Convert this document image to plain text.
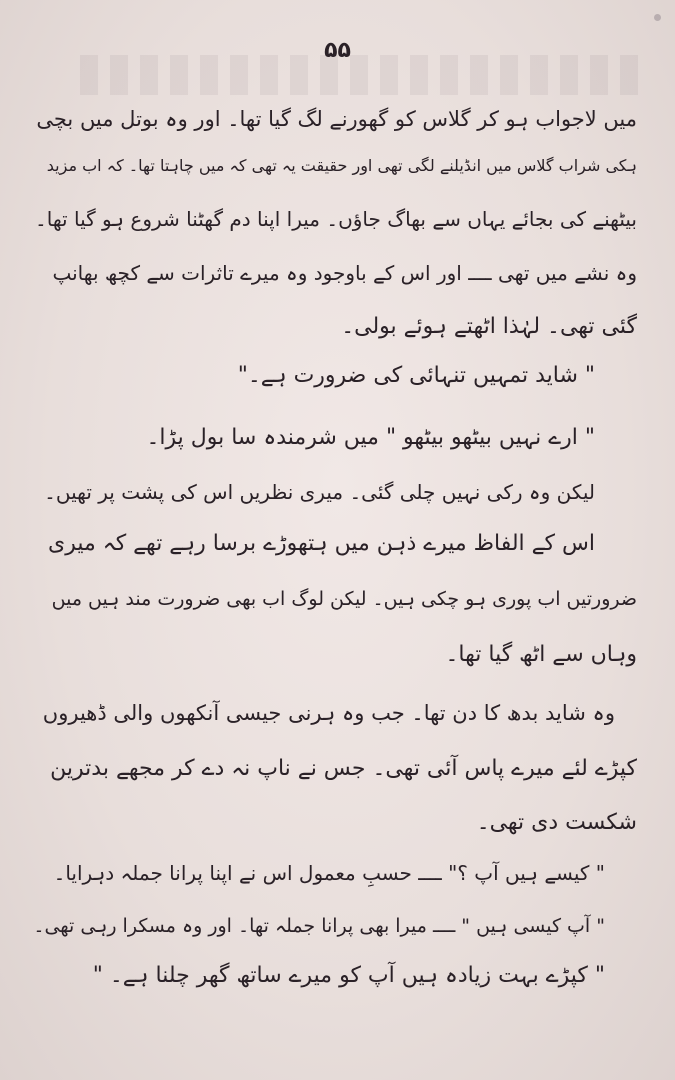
۵۵
میں لاجواب ہو کر گلاس کو گھورنے لگ گیا تھا۔ اور وہ بوتل میں بچی
ہکی شراب گلاس میں انڈیلنے لگی تھی اور حقیقت یہ تھی کہ میں چاہتا تھا۔ کہ اب مزید
بیٹھنے کی بجائے یہاں سے بھاگ جاؤں۔ میرا اپنا دم گھٹنا شروع ہو گیا تھا۔
وہ نشے میں تھی ــــ اور اس کے باوجود وہ میرے تاثرات سے کچھ بھانپ
گئی تھی۔ لہٰذا اٹھتے ہوئے بولی۔
" شاید تمہیں تنہائی کی ضرورت ہے۔"
" ارے نہیں بیٹھو بیٹھو " میں شرمندہ سا بول پڑا۔
لیکن وہ رکی نہیں چلی گئی۔ میری نظریں اس کی پشت پر تھیں۔
اس کے الفاظ میرے ذہن میں ہتھوڑے برسا رہے تھے کہ میری
ضرورتیں اب پوری ہو چکی ہیں۔ لیکن لوگ اب بھی ضرورت مند ہیں میں
وہاں سے اٹھ گیا تھا۔
وہ شاید بدھ کا دن تھا۔ جب وہ ہرنی جیسی آنکھوں والی ڈھیروں
کپڑے لئے میرے پاس آئی تھی۔ جس نے ناپ نہ دے کر مجھے بدترین
شکست دی تھی۔
" کیسے ہیں آپ ؟" ــــ حسبِ معمول اس نے اپنا پرانا جملہ دہرایا۔
" آپ کیسی ہیں " ــــ میرا بھی پرانا جملہ تھا۔ اور وہ مسکرا رہی تھی۔
" کپڑے بہت زیادہ ہیں آپ کو میرے ساتھ گھر چلنا ہے۔ "
